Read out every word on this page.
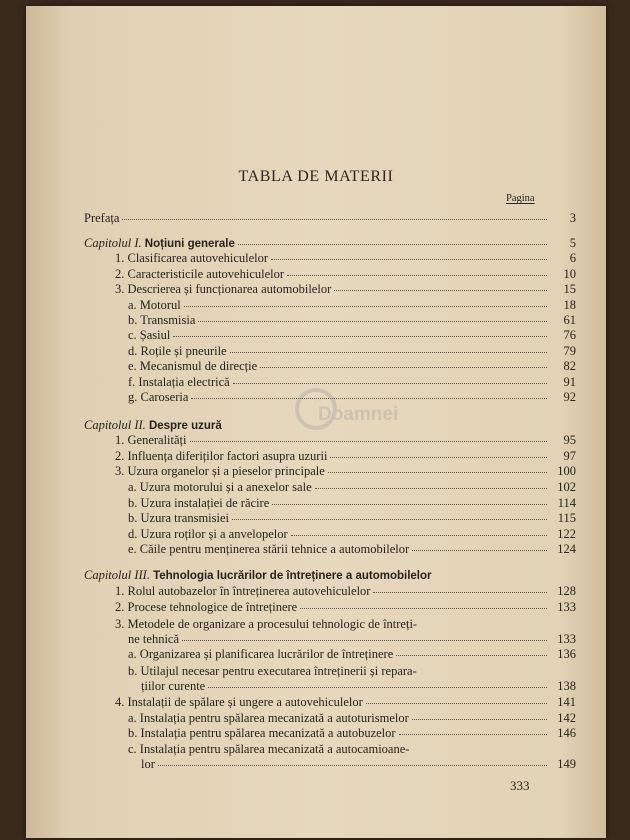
TABLA DE MATERII
Pagina
Prefața	3
Capitolul I. Noțiuni generale	5
1. Clasificarea autovehiculelor	6
2. Caracteristicile autovehiculelor	10
3. Descrierea și funcționarea automobilelor	15
a. Motorul	18
b. Transmisia	61
c. Șasiul	76
d. Roțile și pneurile	79
e. Mecanismul de direcție	82
f. Instalația electrică	91
g. Caroseria	92
Doamnei
Capitolul II. Despre uzură
1. Generalități	95
2. Influența diferiților factori asupra uzurii	97
3. Uzura organelor și a pieselor principale	100
a. Uzura motorului și a anexelor sale	102
b. Uzura instalației de răcire	114
b. Uzura transmisiei	115
d. Uzura roților și a anvelopelor	122
e. Căile pentru menținerea stării tehnice a automobilelor	124
Capitolul III. Tehnologia lucrărilor de întreținere a automobilelor
1. Rolul autobazelor în întreținerea autovehiculelor	128
2. Procese tehnologice de întreținere	133
3. Metodele de organizare a procesului tehnologic de întreți-
ne tehnică	133
a. Organizarea și planificarea lucrărilor de întreținere	136
b. Utilajul necesar pentru executarea întreținerii și repara-
țiilor curente	138
4. Instalații de spălare și ungere a autovehiculelor	141
a. Instalația pentru spălarea mecanizată a autoturismelor	142
b. Instalația pentru spălarea mecanizată a autobuzelor	146
c. Instalația pentru spălarea mecanizată a autocamioane-
lor	149
333
